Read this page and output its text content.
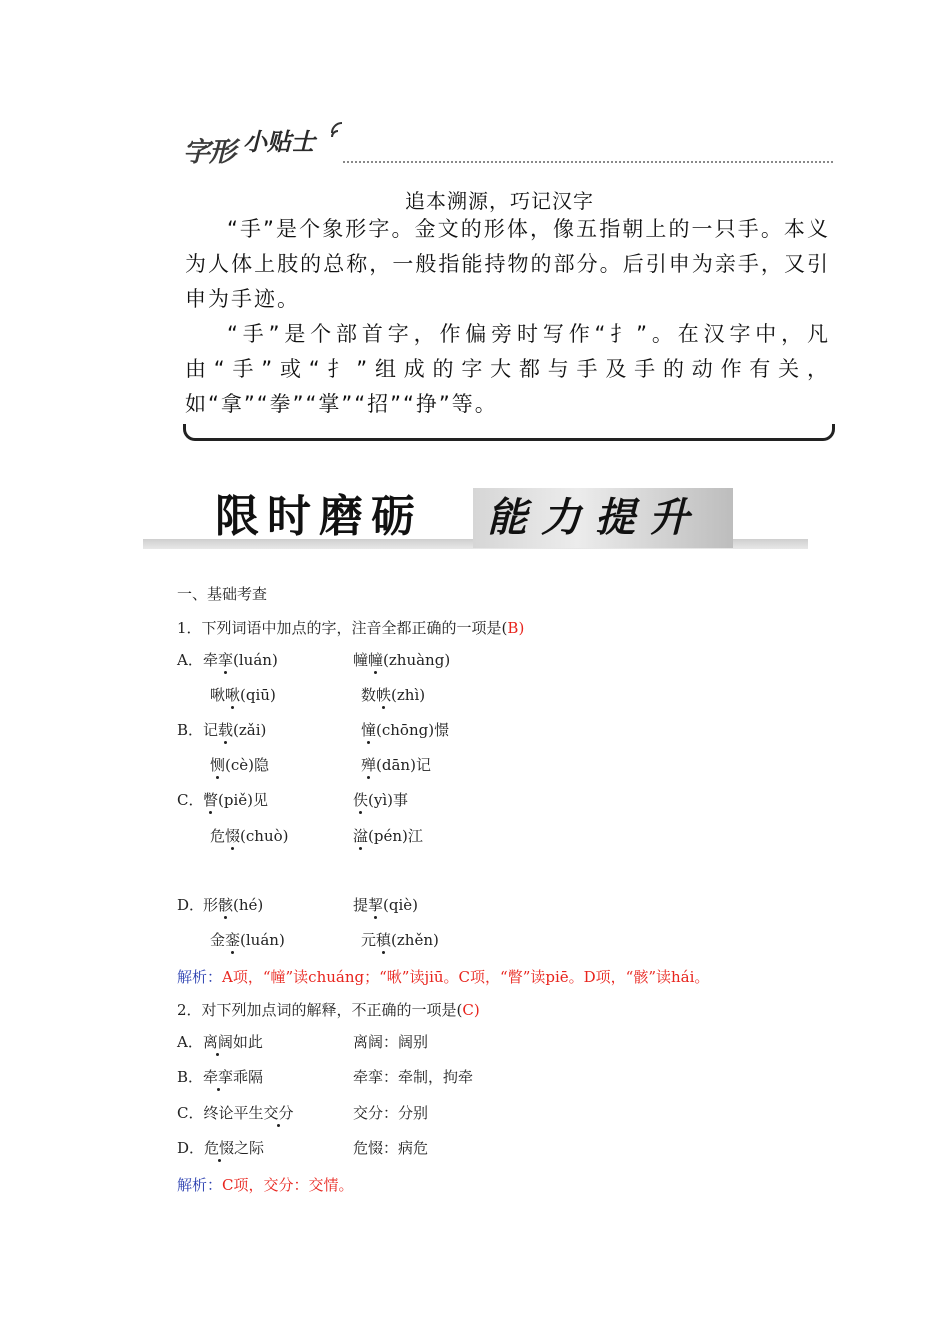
字形 小贴士
追本溯源，巧记汉字

“手”是个象形字。金文的形体，像五指朝上的一只手。本义为人体上肢的总称，一般指能持物的部分。后引申为亲手，又引申为手迹。

“手”是个部首字，作偏旁时写作“扌”。在汉字中，凡由“手”或“扌”组成的字大都与手及手的动作有关，如“拿”“拳”“掌”“招”“挣”等。

限时磨砺	能力提升
一、基础考查
1．下列词语中加点的字，注音全都正确的一项是(B)
A． 牵挛(luán)	幢幢(zhuàng)
啾啾(qiū)	数帙(zhì)
B． 记载(zǎi)	憧(chōng)憬
恻(cè)隐	殚(dān)记
C． 瞥(piě)见	佚(yì)事
危惙(chuò)	湓(pén)江
D．
形骸(hé)	提挈(qiè)
金銮(luán)	元稹(zhěn)
解析：A项，“幢”读chuáng；“啾”读jiū。C项，“瞥”读piē。D项，“骸”读hái。
2．对下列加点词的解释，不正确的一项是(C)
A．离阔如此	离阔：阔别
B．牵挛乖隔	牵挛：牵制，拘牵
C．终论平生交分	交分：分别
D．危惙之际	危惙：病危
解析：C项，交分：交情。
